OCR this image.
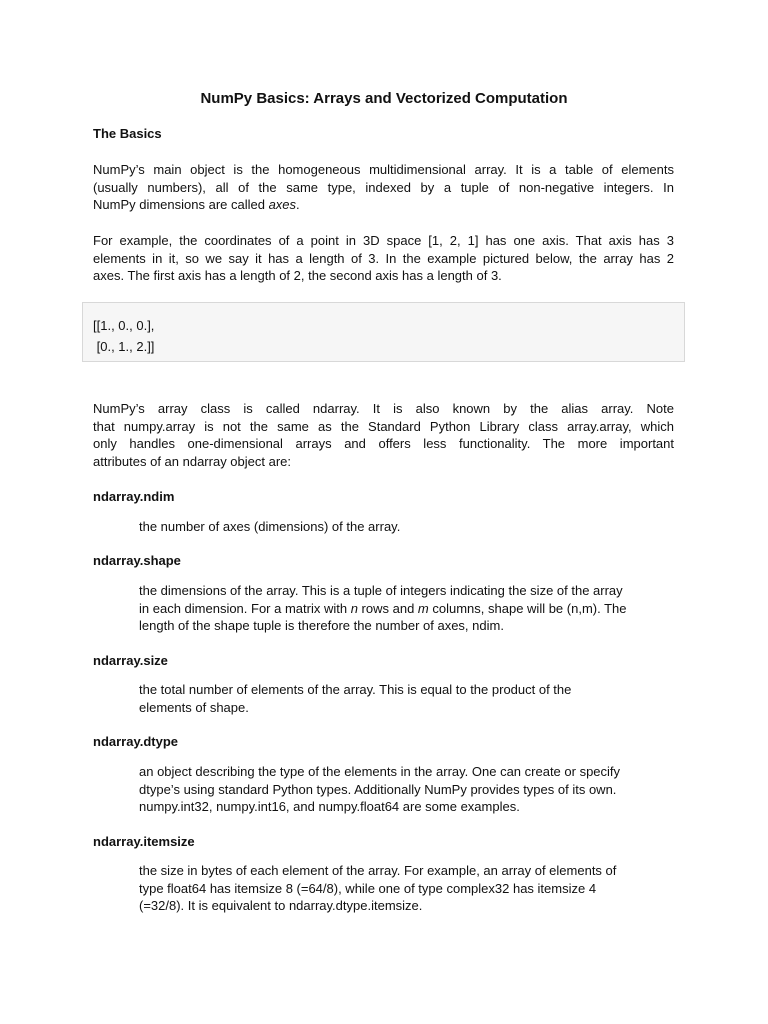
NumPy Basics: Arrays and Vectorized Computation
The Basics
NumPy’s main object is the homogeneous multidimensional array. It is a table of elements
(usually numbers), all of the same type, indexed by a tuple of non-negative integers. In
NumPy dimensions are called axes.
For example, the coordinates of a point in 3D space [1, 2, 1] has one axis. That axis has 3
elements in it, so we say it has a length of 3. In the example pictured below, the array has 2
axes. The first axis has a length of 2, the second axis has a length of 3.
[[1., 0., 0.],
[0., 1., 2.]]
NumPy’s array class is called ndarray. It is also known by the alias array. Note
that numpy.array is not the same as the Standard Python Library class array.array, which
only handles one-dimensional arrays and offers less functionality. The more important
attributes of an ndarray object are:
ndarray.ndim
the number of axes (dimensions) of the array.
ndarray.shape
the dimensions of the array. This is a tuple of integers indicating the size of the array
in each dimension. For a matrix with n rows and m columns, shape will be (n,m). The
length of the shape tuple is therefore the number of axes, ndim.
ndarray.size
the total number of elements of the array. This is equal to the product of the
elements of shape.
ndarray.dtype
an object describing the type of the elements in the array. One can create or specify
dtype’s using standard Python types. Additionally NumPy provides types of its own.
numpy.int32, numpy.int16, and numpy.float64 are some examples.
ndarray.itemsize
the size in bytes of each element of the array. For example, an array of elements of
type float64 has itemsize 8 (=64/8), while one of type complex32 has itemsize 4
(=32/8). It is equivalent to ndarray.dtype.itemsize.
